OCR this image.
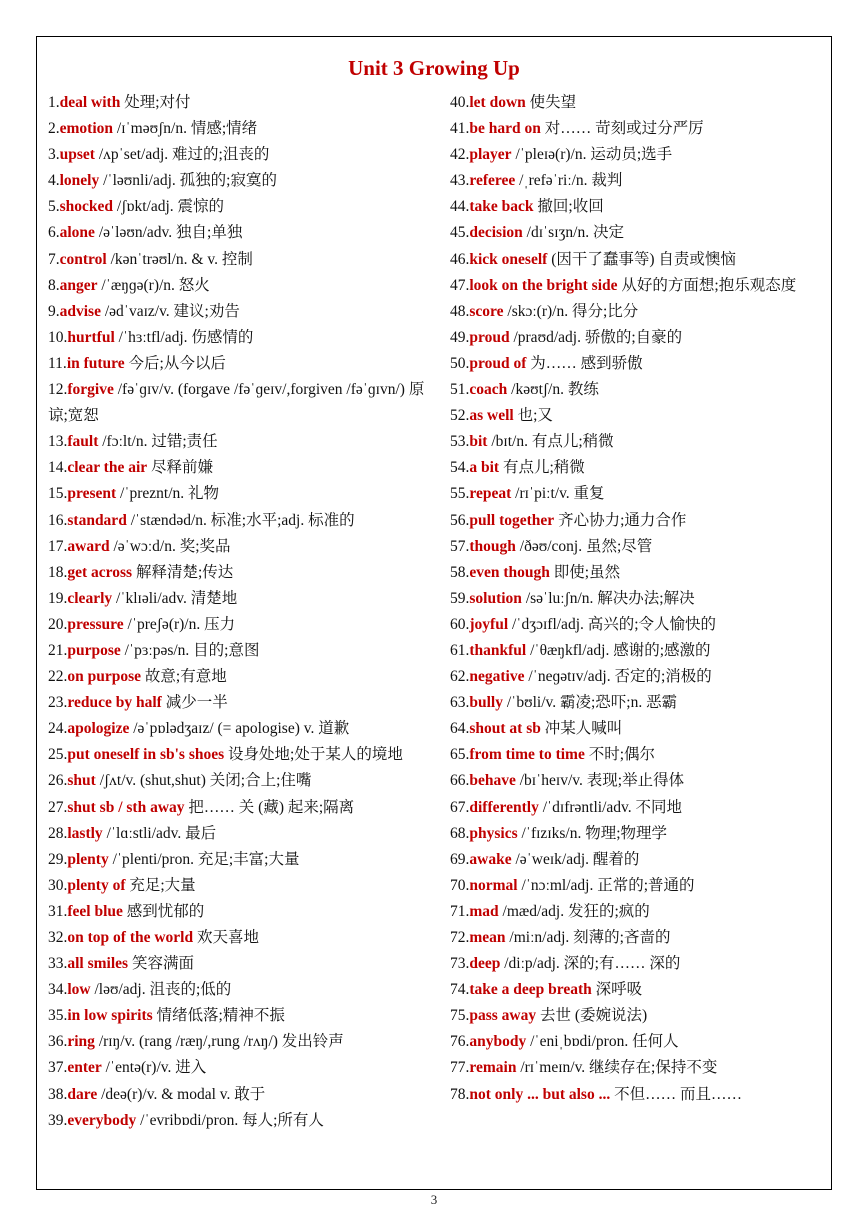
Unit 3 Growing Up

1.deal with 处理;对付

2.emotion /ɪˈməʊʃn/n. 情感;情绪

3.upset /ʌpˈset/adj. 难过的;沮丧的

4.lonely /ˈləʊnli/adj. 孤独的;寂寞的

5.shocked /ʃɒkt/adj. 震惊的

6.alone /əˈləʊn/adv. 独自;单独

7.control /kənˈtrəʊl/n. & v. 控制

8.anger /ˈæŋɡə(r)/n. 怒火

9.advise /ədˈvaɪz/v. 建议;劝告

10.hurtful /ˈhɜːtfl/adj. 伤感情的

11.in future 今后;从今以后

12.forgive /fəˈɡɪv/v. (forgave /fəˈɡeɪv/,forgiven /fəˈɡɪvn/) 原谅;宽恕

13.fault /fɔːlt/n. 过错;责任

14.clear the air 尽释前嫌

15.present /ˈpreznt/n. 礼物

16.standard /ˈstændəd/n. 标准;水平;adj. 标准的

17.award /əˈwɔːd/n. 奖;奖品

18.get across 解释清楚;传达

19.clearly /ˈklɪəli/adv. 清楚地

20.pressure /ˈpreʃə(r)/n. 压力

21.purpose /ˈpɜːpəs/n. 目的;意图

22.on purpose 故意;有意地

23.reduce by half 减少一半

24.apologize /əˈpɒlədʒaɪz/ (= apologise) v. 道歉

25.put oneself in sb's shoes 设身处地;处于某人的境地

26.shut /ʃʌt/v. (shut,shut) 关闭;合上;住嘴

27.shut sb / sth away 把…… 关 (藏) 起来;隔离

28.lastly /ˈlɑːstli/adv. 最后

29.plenty /ˈplenti/pron. 充足;丰富;大量

30.plenty of 充足;大量

31.feel blue 感到忧郁的

32.on top of the world 欢天喜地

33.all smiles 笑容满面

34.low /ləʊ/adj. 沮丧的;低的

35.in low spirits 情绪低落;精神不振

36.ring /rɪŋ/v. (rang /ræŋ/,rung /rʌŋ/) 发出铃声

37.enter /ˈentə(r)/v. 进入

38.dare /deə(r)/v. & modal v. 敢于

39.everybody /ˈevribɒdi/pron. 每人;所有人

40.let down 使失望

41.be hard on 对…… 苛刻或过分严厉

42.player /ˈpleɪə(r)/n. 运动员;选手

43.referee /ˌrefəˈriː/n. 裁判

44.take back 撤回;收回

45.decision /dɪˈsɪʒn/n. 决定

46.kick oneself (因干了蠢事等) 自责或懊恼

47.look on the bright side 从好的方面想;抱乐观态度

48.score /skɔː(r)/n. 得分;比分

49.proud /praʊd/adj. 骄傲的;自豪的

50.proud of 为…… 感到骄傲

51.coach /kəʊtʃ/n. 教练

52.as well 也;又

53.bit /bɪt/n. 有点儿;稍微

54.a bit 有点儿;稍微

55.repeat /rɪˈpiːt/v. 重复

56.pull together 齐心协力;通力合作

57.though /ðəʊ/conj. 虽然;尽管

58.even though 即使;虽然

59.solution /səˈluːʃn/n. 解决办法;解决

60.joyful /ˈdʒɔɪfl/adj. 高兴的;令人愉快的

61.thankful /ˈθæŋkfl/adj. 感谢的;感激的

62.negative /ˈneɡətɪv/adj. 否定的;消极的

63.bully /ˈbʊli/v. 霸凌;恐吓;n. 恶霸

64.shout at sb 冲某人喊叫

65.from time to time 不时;偶尔

66.behave /bɪˈheɪv/v. 表现;举止得体

67.differently /ˈdɪfrəntli/adv. 不同地

68.physics /ˈfɪzɪks/n. 物理;物理学

69.awake /əˈweɪk/adj. 醒着的

70.normal /ˈnɔːml/adj. 正常的;普通的

71.mad /mæd/adj. 发狂的;疯的

72.mean /miːn/adj. 刻薄的;吝啬的

73.deep /diːp/adj. 深的;有…… 深的

74.take a deep breath 深呼吸

75.pass away 去世 (委婉说法)

76.anybody /ˈeniˌbɒdi/pron. 任何人

77.remain /rɪˈmeɪn/v. 继续存在;保持不变

78.not only ... but also ... 不但…… 而且……

3
